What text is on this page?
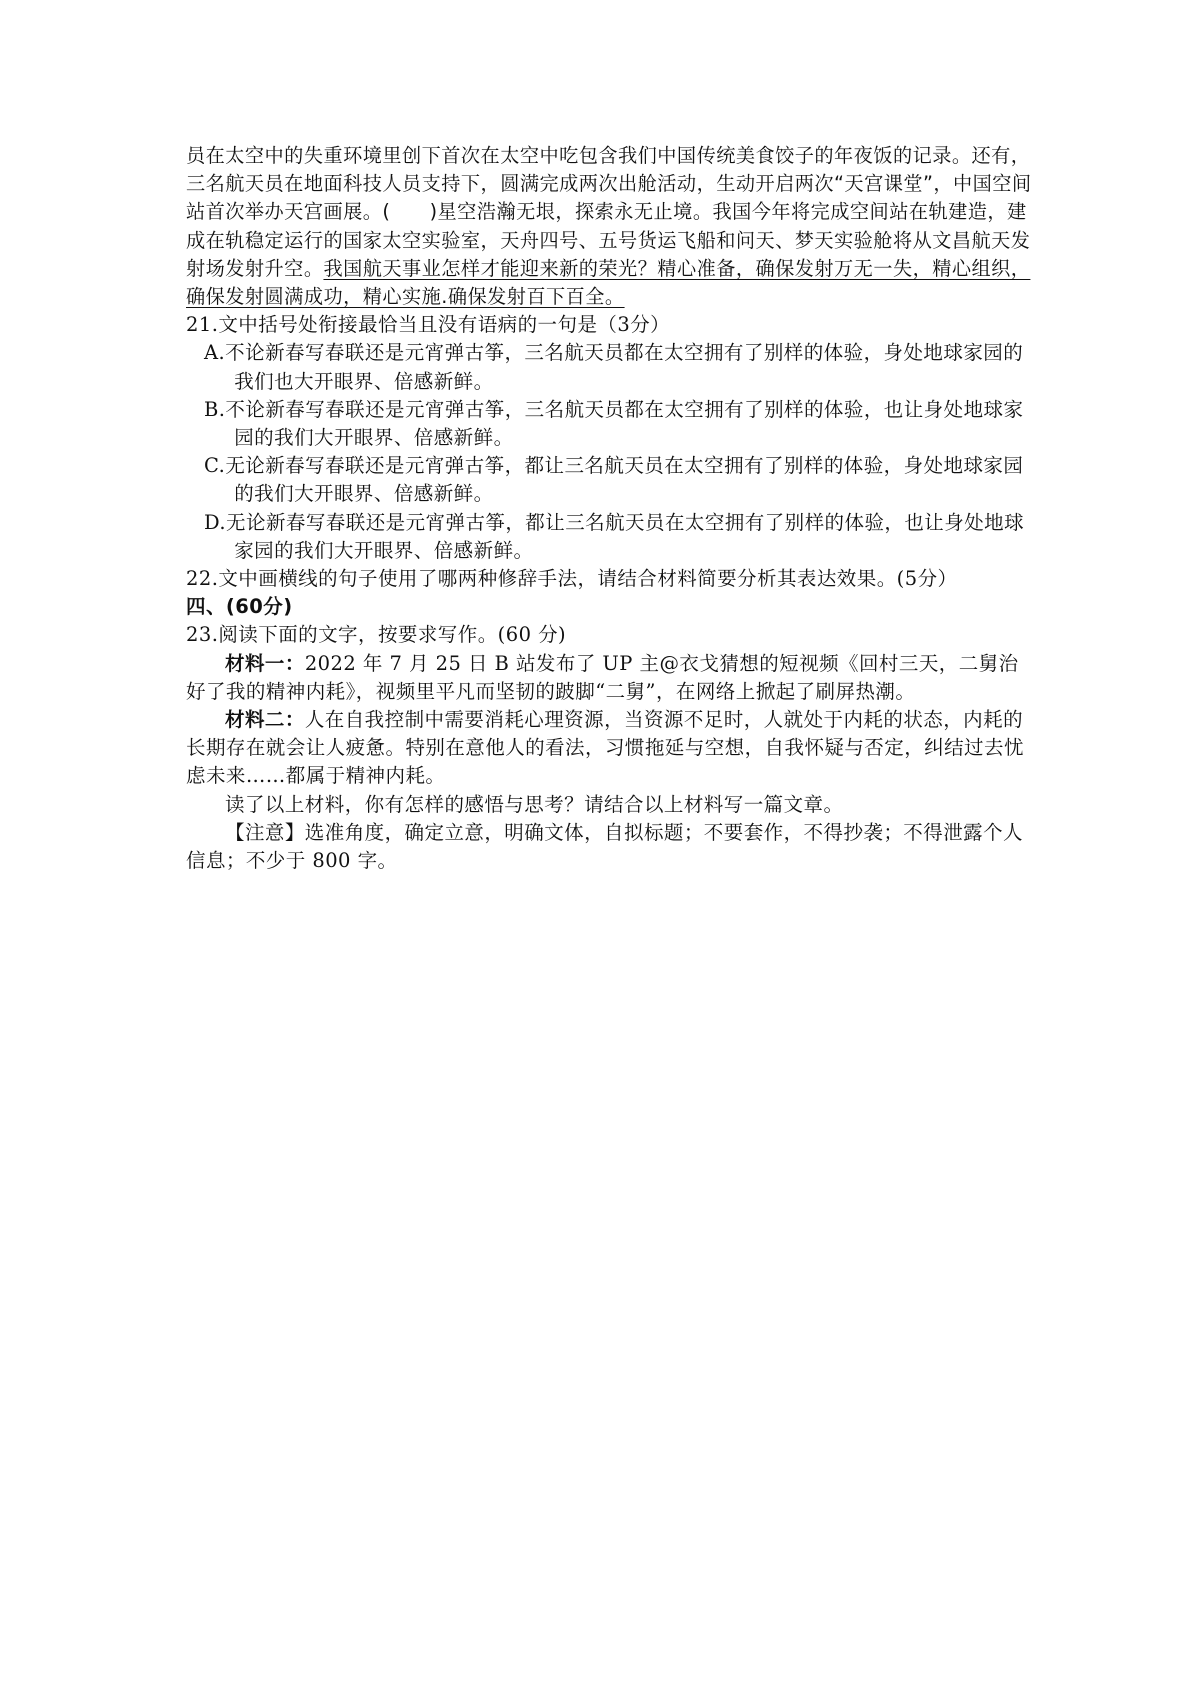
员在太空中的失重环境里创下首次在太空中吃包含我们中国传统美食饺子的年夜饭的记录。还有，三名航天员在地面科技人员支持下，圆满完成两次出舱活动，生动开启两次“天宫课堂”，中国空间站首次举办天宫画展。(　　)星空浩瀚无垠，探索永无止境。我国今年将完成空间站在轨建造，建成在轨稳定运行的国家太空实验室，天舟四号、五号货运飞船和问天、梦天实验舱将从文昌航天发射场发射升空。我国航天事业怎样才能迎来新的荣光？精心准备，确保发射万无一失，精心组织，确保发射圆满成功，精心实施.确保发射百下百全。

21.文中括号处衔接最恰当且没有语病的一句是（3分）

A.不论新春写春联还是元宵弹古筝，三名航天员都在太空拥有了别样的体验，身处地球家园的我们也大开眼界、倍感新鲜。

B.不论新春写春联还是元宵弹古筝，三名航天员都在太空拥有了别样的体验，也让身处地球家园的我们大开眼界、倍感新鲜。

C.无论新春写春联还是元宵弹古筝，都让三名航天员在太空拥有了别样的体验，身处地球家园的我们大开眼界、倍感新鲜。

D.无论新春写春联还是元宵弹古筝，都让三名航天员在太空拥有了别样的体验，也让身处地球家园的我们大开眼界、倍感新鲜。

22.文中画横线的句子使用了哪两种修辞手法，请结合材料简要分析其表达效果。(5分）

四、(60分)

23.阅读下面的文字，按要求写作。(60 分)

材料一：2022 年 7 月 25 日 B 站发布了 UP 主@衣戈猜想的短视频《回村三天，二舅治好了我的精神内耗》，视频里平凡而坚韧的跛脚“二舅”，在网络上掀起了刷屏热潮。

材料二：人在自我控制中需要消耗心理资源，当资源不足时，人就处于内耗的状态，内耗的长期存在就会让人疲惫。特别在意他人的看法，习惯拖延与空想，自我怀疑与否定，纠结过去忧虑未来……都属于精神内耗。

读了以上材料，你有怎样的感悟与思考？请结合以上材料写一篇文章。

【注意】选准角度，确定立意，明确文体，自拟标题；不要套作，不得抄袭；不得泄露个人信息；不少于 800 字。
